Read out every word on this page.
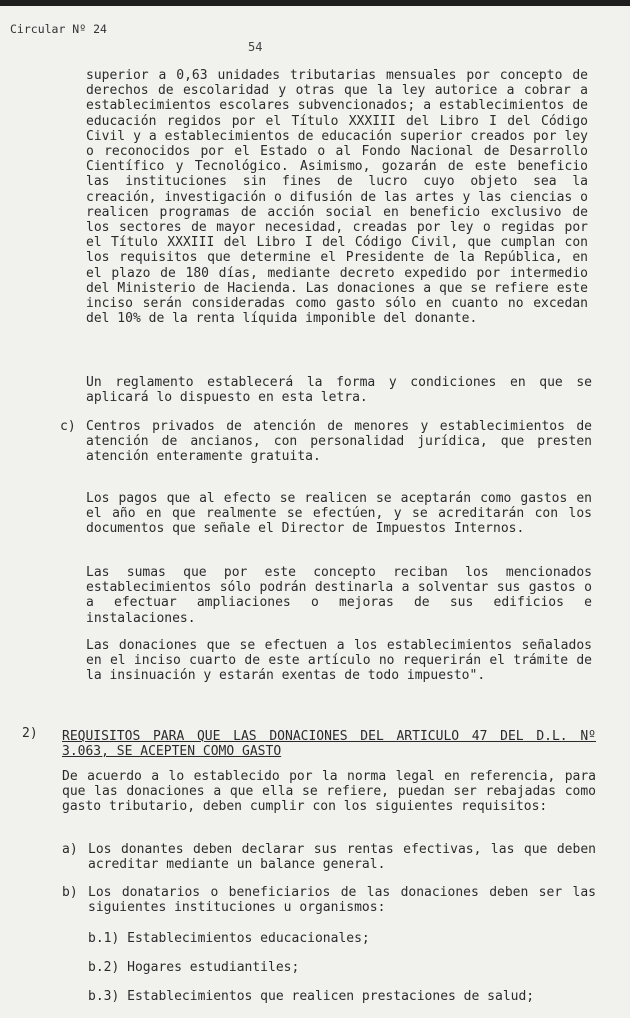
Circular Nº 24
54

superior a 0,63 unidades tributarias mensuales por concepto de derechos de escolaridad y otras que la ley autorice a cobrar a establecimientos escolares subvencionados; a establecimientos de educación regidos por el Título XXXIII del Libro I del Código Civil y a establecimientos de educación superior creados por ley o reconocidos por el Estado o al Fondo Nacional de Desarrollo Científico y Tecnológico. Asimismo, gozarán de este beneficio las instituciones sin fines de lucro cuyo objeto sea la creación, investigación o difusión de las artes y las ciencias o realicen programas de acción social en beneficio exclusivo de los sectores de mayor necesidad, creadas por ley o regidas por el Título XXXIII del Libro I del Código Civil, que cumplan con los requisitos que determine el Presidente de la República, en el plazo de 180 días, mediante decreto expedido por intermedio del Ministerio de Hacienda. Las donaciones a que se refiere este inciso serán consideradas como gasto sólo en cuanto no excedan del 10% de la renta líquida imponible del donante.

Un reglamento establecerá la forma y condiciones en que se aplicará lo dispuesto en esta letra.

c) Centros privados de atención de menores y establecimientos de atención de ancianos, con personalidad jurídica, que presten atención enteramente gratuita.

Los pagos que al efecto se realicen se aceptarán como gastos en el año en que realmente se efectúen, y se acreditarán con los documentos que señale el Director de Impuestos Internos.

Las sumas que por este concepto reciban los mencionados establecimientos sólo podrán destinarla a solventar sus gastos o a efectuar ampliaciones o mejoras de sus edificios e instalaciones.

Las donaciones que se efectuen a los establecimientos señalados en el inciso cuarto de este artículo no requerirán el trámite de la insinuación y estarán exentas de todo impuesto".

2) REQUISITOS PARA QUE LAS DONACIONES DEL ARTICULO 47 DEL D.L. Nº 3.063, SE ACEPTEN COMO GASTO

De acuerdo a lo establecido por la norma legal en referencia, para que las donaciones a que ella se refiere, puedan ser rebajadas como gasto tributario, deben cumplir con los siguientes requisitos:

a) Los donantes deben declarar sus rentas efectivas, las que deben acreditar mediante un balance general.

b) Los donatarios o beneficiarios de las donaciones deben ser las siguientes instituciones u organismos:

b.1) Establecimientos educacionales;
b.2) Hogares estudiantiles;
b.3) Establecimientos que realicen prestaciones de salud;
